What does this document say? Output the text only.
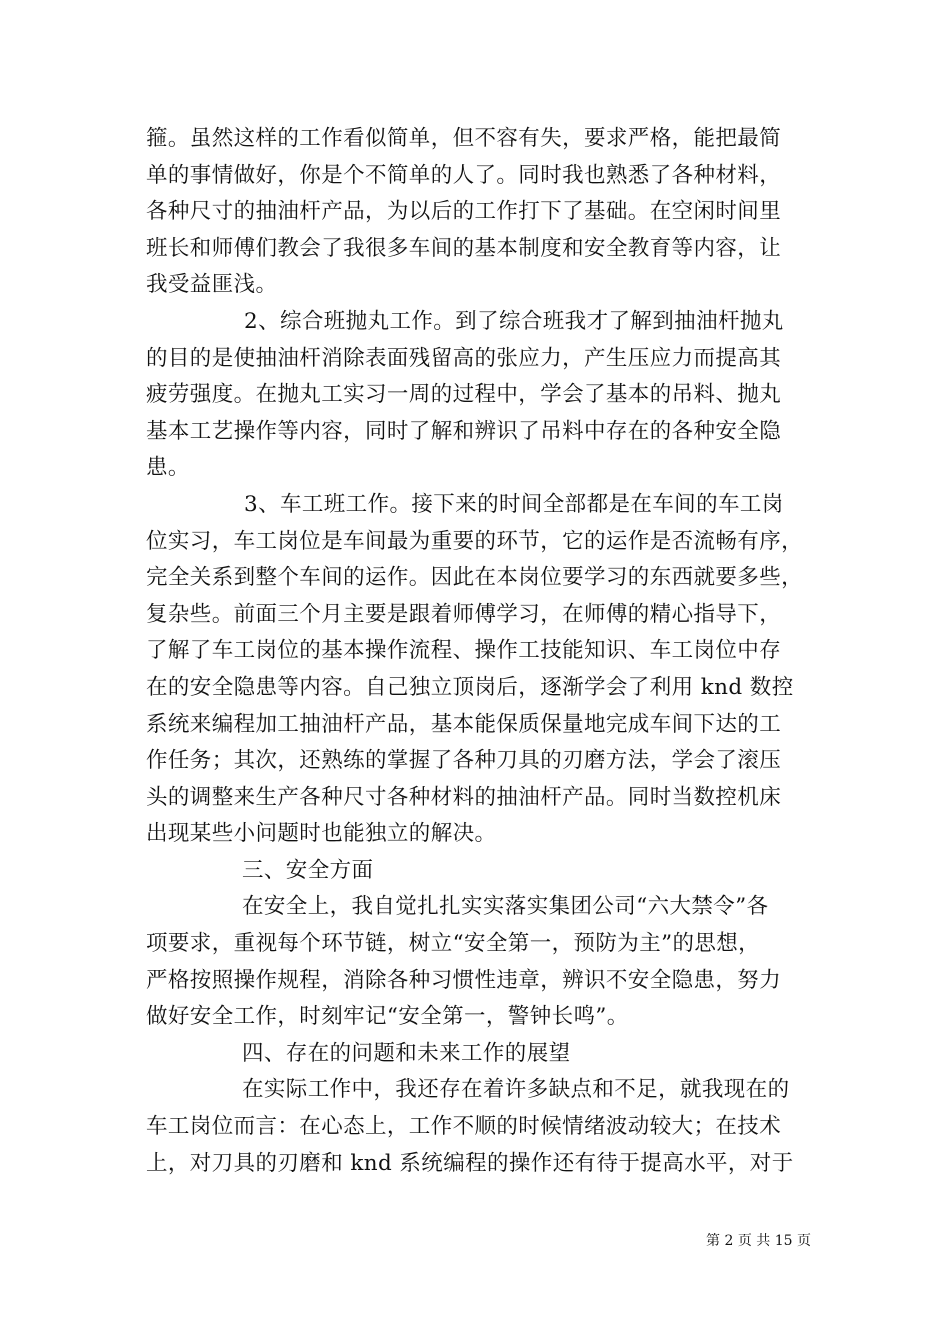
箍。虽然这样的工作看似简单，但不容有失，要求严格，能把最简
单的事情做好，你是个不简单的人了。同时我也熟悉了各种材料，
各种尺寸的抽油杆产品，为以后的工作打下了基础。在空闲时间里
班长和师傅们教会了我很多车间的基本制度和安全教育等内容，让
我受益匪浅。
2、综合班抛丸工作。到了综合班我才了解到抽油杆抛丸
的目的是使抽油杆消除表面残留高的张应力，产生压应力而提高其
疲劳强度。在抛丸工实习一周的过程中，学会了基本的吊料、抛丸
基本工艺操作等内容，同时了解和辨识了吊料中存在的各种安全隐
患。
3、车工班工作。接下来的时间全部都是在车间的车工岗
位实习，车工岗位是车间最为重要的环节，它的运作是否流畅有序，
完全关系到整个车间的运作。因此在本岗位要学习的东西就要多些，
复杂些。前面三个月主要是跟着师傅学习，在师傅的精心指导下，
了解了车工岗位的基本操作流程、操作工技能知识、车工岗位中存
在的安全隐患等内容。自己独立顶岗后，逐渐学会了利用 knd 数控
系统来编程加工抽油杆产品，基本能保质保量地完成车间下达的工
作任务；其次，还熟练的掌握了各种刀具的刃磨方法，学会了滚压
头的调整来生产各种尺寸各种材料的抽油杆产品。同时当数控机床
出现某些小问题时也能独立的解决。
三、安全方面
在安全上，我自觉扎扎实实落实集团公司“六大禁令”各
项要求，重视每个环节链，树立“安全第一，预防为主”的思想，
严格按照操作规程，消除各种习惯性违章，辨识不安全隐患，努力
做好安全工作，时刻牢记“安全第一，警钟长鸣”。
四、存在的问题和未来工作的展望
在实际工作中，我还存在着许多缺点和不足，就我现在的
车工岗位而言：在心态上，工作不顺的时候情绪波动较大；在技术
上，对刀具的刃磨和 knd 系统编程的操作还有待于提高水平，对于
第 2 页 共 15 页
